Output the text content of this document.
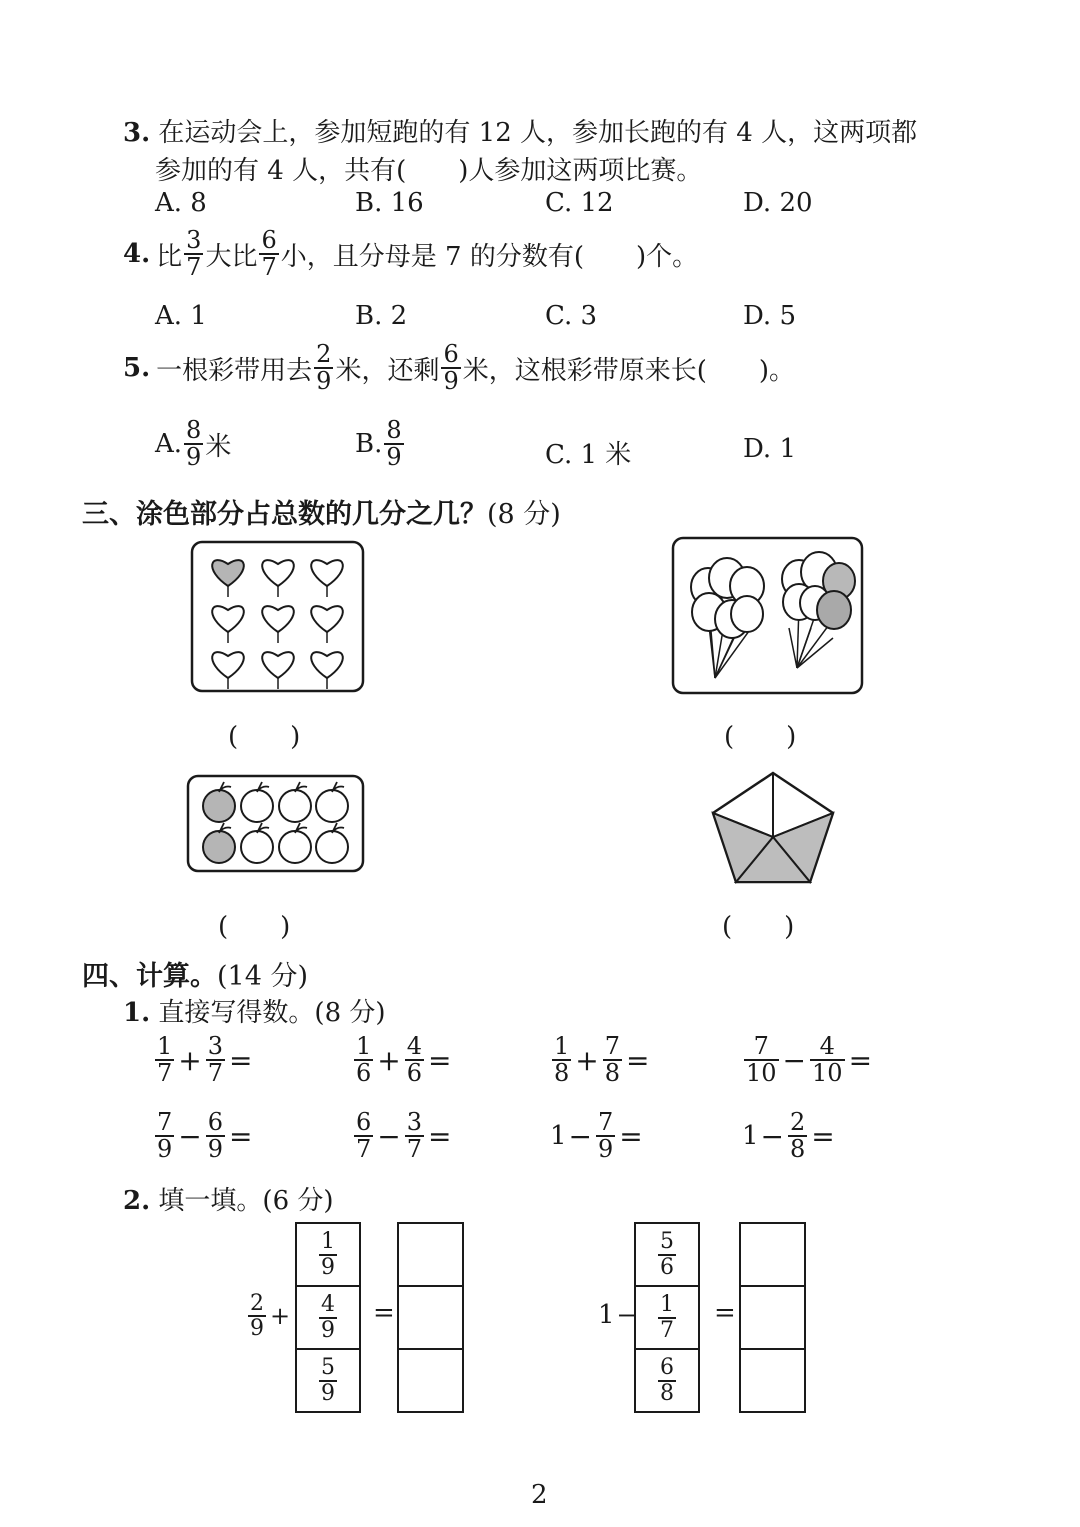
3. 在运动会上，参加短跑的有 12 人，参加长跑的有 4 人，这两项都
参加的有 4 人，共有(　　)人参加这两项比赛。
A. 8	B. 16	C. 12	D. 20
4. 比 $\frac{3}{7}$ 大比 $\frac{6}{7}$ 小，且分母是 7 的分数有(　　)个。
A. 1	B. 2	C. 3	D. 5
5. 一根彩带用去 $\frac{2}{9}$ 米，还剩 $\frac{6}{9}$ 米，这根彩带原来长(　　)。
A. $\frac{8}{9}$ 米	B. $\frac{8}{9}$	C. 1 米	D. 1
三、涂色部分占总数的几分之几？(8 分)
(　　)	(　　)
(　　)	(　　)
四、计算。(14 分)
1. 直接写得数。(8 分)
$\frac{1}{7} + \frac{3}{7}$ =	$\frac{1}{6} + \frac{4}{6}$ =	$\frac{1}{8} + \frac{7}{8}$ =	$\frac{7}{10} - \frac{4}{10}$ =
$\frac{7}{9} - \frac{6}{9}$ =	$\frac{6}{7} - \frac{3}{7}$ =	$1 - \frac{7}{9}$ =	$1 - \frac{2}{8}$ =
2. 填一填。(6 分)
$\frac{2}{9}$ +
$\frac{1}{9}$
$\frac{4}{9}$
$\frac{5}{9}$
=	1 −
$\frac{5}{6}$
$\frac{1}{7}$
$\frac{6}{8}$
=
2
